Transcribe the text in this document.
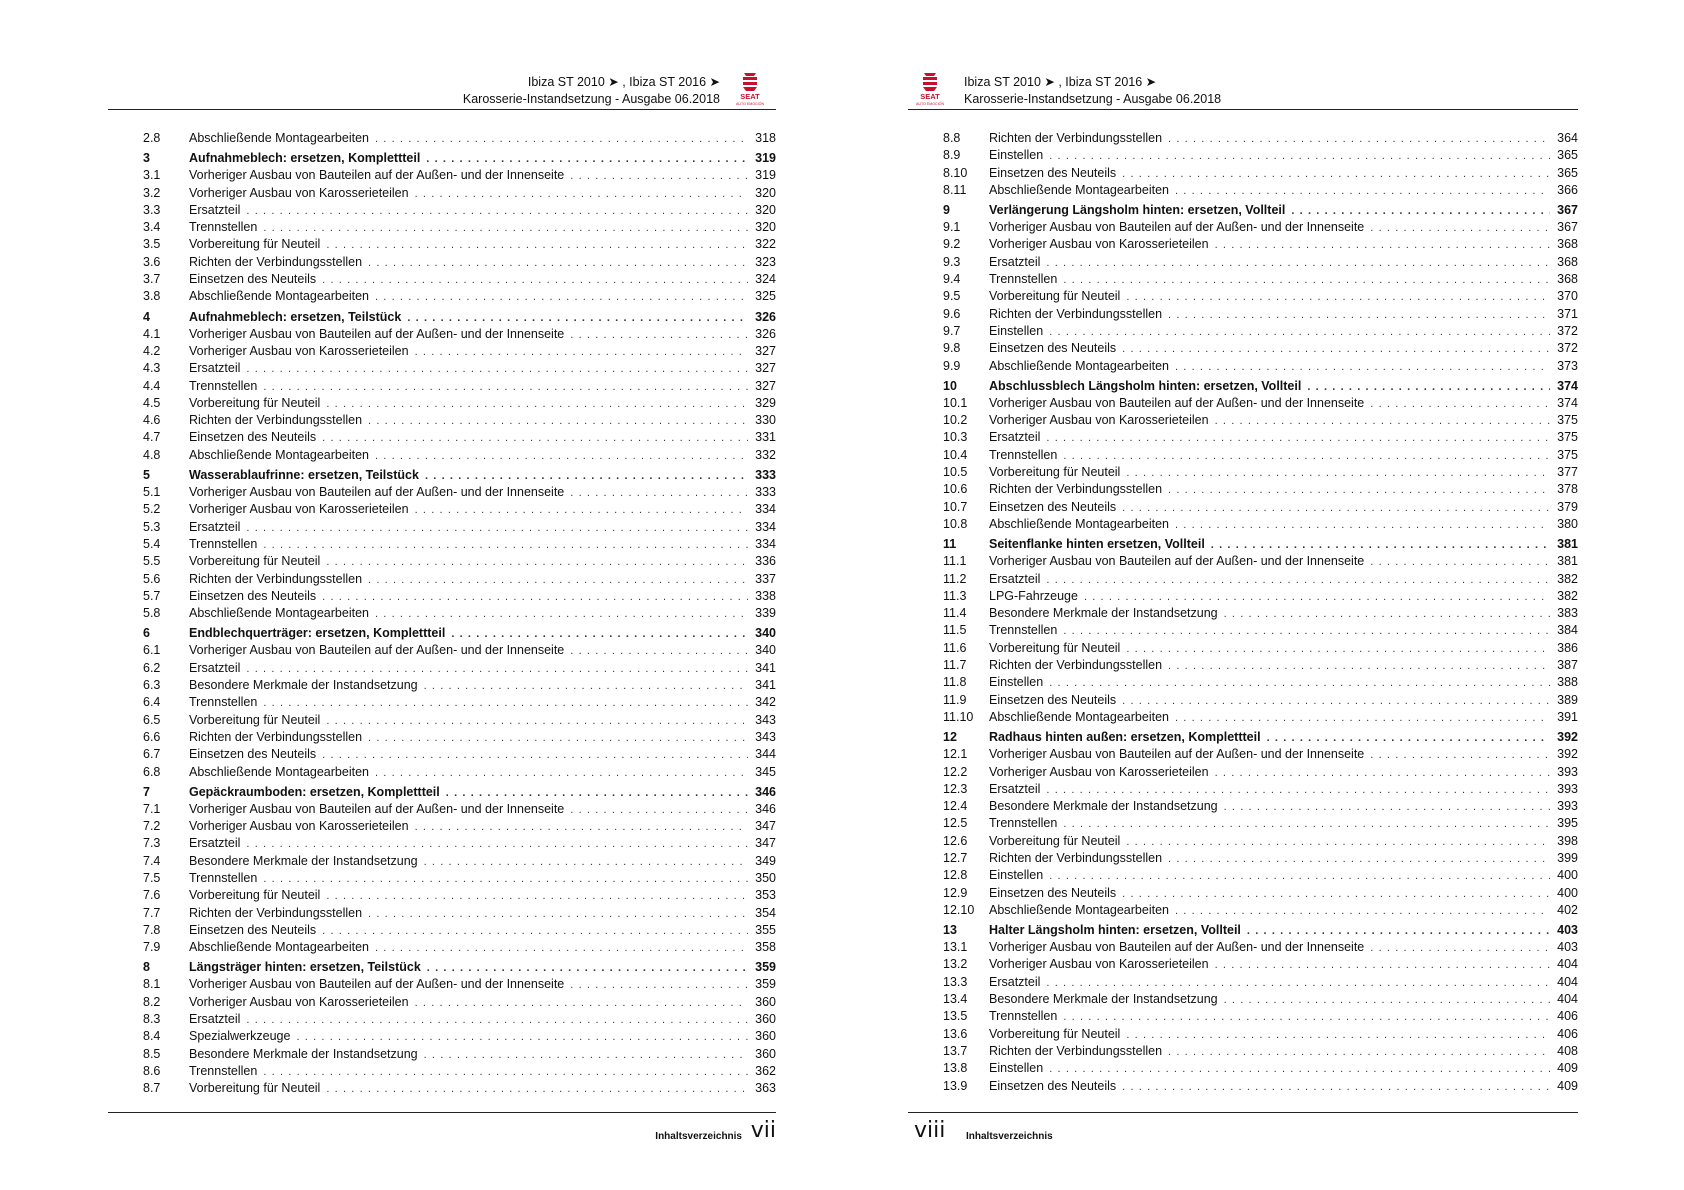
Ibiza ST 2010 ➤ , Ibiza ST 2016 ➤
Karosserie-Instandsetzung - Ausgabe 06.2018	SEAT
AUTO EMOCIÓN
2.8	Abschließende Montagearbeiten . . .	318
3	Aufnahmeblech: ersetzen, Komplettteil . . .	319
3.1	Vorheriger Ausbau von Bauteilen auf der Außen- und der Innenseite . . .	319
3.2	Vorheriger Ausbau von Karosserieteilen . . .	320
3.3	Ersatzteil . . .	320
3.4	Trennstellen . . .	320
3.5	Vorbereitung für Neuteil . . .	322
3.6	Richten der Verbindungsstellen . . .	323
3.7	Einsetzen des Neuteils . . .	324
3.8	Abschließende Montagearbeiten . . .	325
4	Aufnahmeblech: ersetzen, Teilstück . . .	326
4.1	Vorheriger Ausbau von Bauteilen auf der Außen- und der Innenseite . . .	326
4.2	Vorheriger Ausbau von Karosserieteilen . . .	327
4.3	Ersatzteil . . .	327
4.4	Trennstellen . . .	327
4.5	Vorbereitung für Neuteil . . .	329
4.6	Richten der Verbindungsstellen . . .	330
4.7	Einsetzen des Neuteils . . .	331
4.8	Abschließende Montagearbeiten . . .	332
5	Wasserablaufrinne: ersetzen, Teilstück . . .	333
5.1	Vorheriger Ausbau von Bauteilen auf der Außen- und der Innenseite . . .	333
5.2	Vorheriger Ausbau von Karosserieteilen . . .	334
5.3	Ersatzteil . . .	334
5.4	Trennstellen . . .	334
5.5	Vorbereitung für Neuteil . . .	336
5.6	Richten der Verbindungsstellen . . .	337
5.7	Einsetzen des Neuteils . . .	338
5.8	Abschließende Montagearbeiten . . .	339
6	Endblechquerträger: ersetzen, Komplettteil . . .	340
6.1	Vorheriger Ausbau von Bauteilen auf der Außen- und der Innenseite . . .	340
6.2	Ersatzteil . . .	341
6.3	Besondere Merkmale der Instandsetzung . . .	341
6.4	Trennstellen . . .	342
6.5	Vorbereitung für Neuteil . . .	343
6.6	Richten der Verbindungsstellen . . .	343
6.7	Einsetzen des Neuteils . . .	344
6.8	Abschließende Montagearbeiten . . .	345
7	Gepäckraumboden: ersetzen, Komplettteil . . .	346
7.1	Vorheriger Ausbau von Bauteilen auf der Außen- und der Innenseite . . .	346
7.2	Vorheriger Ausbau von Karosserieteilen . . .	347
7.3	Ersatzteil . . .	347
7.4	Besondere Merkmale der Instandsetzung . . .	349
7.5	Trennstellen . . .	350
7.6	Vorbereitung für Neuteil . . .	353
7.7	Richten der Verbindungsstellen . . .	354
7.8	Einsetzen des Neuteils . . .	355
7.9	Abschließende Montagearbeiten . . .	358
8	Längsträger hinten: ersetzen, Teilstück . . .	359
8.1	Vorheriger Ausbau von Bauteilen auf der Außen- und der Innenseite . . .	359
8.2	Vorheriger Ausbau von Karosserieteilen . . .	360
8.3	Ersatzteil . . .	360
8.4	Spezialwerkzeuge . . .	360
8.5	Besondere Merkmale der Instandsetzung . . .	360
8.6	Trennstellen . . .	362
8.7	Vorbereitung für Neuteil . . .	363
Inhaltsverzeichnis vii
SEAT
AUTO EMOCIÓN
Ibiza ST 2010 ➤ , Ibiza ST 2016 ➤
Karosserie-Instandsetzung - Ausgabe 06.2018
8.8	Richten der Verbindungsstellen . . .	364
8.9	Einstellen . . .	365
8.10	Einsetzen des Neuteils . . .	365
8.11	Abschließende Montagearbeiten . . .	366
9	Verlängerung Längsholm hinten: ersetzen, Vollteil . . .	367
9.1	Vorheriger Ausbau von Bauteilen auf der Außen- und der Innenseite . . .	367
9.2	Vorheriger Ausbau von Karosserieteilen . . .	368
9.3	Ersatzteil . . .	368
9.4	Trennstellen . . .	368
9.5	Vorbereitung für Neuteil . . .	370
9.6	Richten der Verbindungsstellen . . .	371
9.7	Einstellen . . .	372
9.8	Einsetzen des Neuteils . . .	372
9.9	Abschließende Montagearbeiten . . .	373
10	Abschlussblech Längsholm hinten: ersetzen, Vollteil . . .	374
10.1	Vorheriger Ausbau von Bauteilen auf der Außen- und der Innenseite . . .	374
10.2	Vorheriger Ausbau von Karosserieteilen . . .	375
10.3	Ersatzteil . . .	375
10.4	Trennstellen . . .	375
10.5	Vorbereitung für Neuteil . . .	377
10.6	Richten der Verbindungsstellen . . .	378
10.7	Einsetzen des Neuteils . . .	379
10.8	Abschließende Montagearbeiten . . .	380
11	Seitenflanke hinten ersetzen, Vollteil . . .	381
11.1	Vorheriger Ausbau von Bauteilen auf der Außen- und der Innenseite . . .	381
11.2	Ersatzteil . . .	382
11.3	LPG-Fahrzeuge . . .	382
11.4	Besondere Merkmale der Instandsetzung . . .	383
11.5	Trennstellen . . .	384
11.6	Vorbereitung für Neuteil . . .	386
11.7	Richten der Verbindungsstellen . . .	387
11.8	Einstellen . . .	388
11.9	Einsetzen des Neuteils . . .	389
11.10	Abschließende Montagearbeiten . . .	391
12	Radhaus hinten außen: ersetzen, Komplettteil . . .	392
12.1	Vorheriger Ausbau von Bauteilen auf der Außen- und der Innenseite . . .	392
12.2	Vorheriger Ausbau von Karosserieteilen . . .	393
12.3	Ersatzteil . . .	393
12.4	Besondere Merkmale der Instandsetzung . . .	393
12.5	Trennstellen . . .	395
12.6	Vorbereitung für Neuteil . . .	398
12.7	Richten der Verbindungsstellen . . .	399
12.8	Einstellen . . .	400
12.9	Einsetzen des Neuteils . . .	400
12.10	Abschließende Montagearbeiten . . .	402
13	Halter Längsholm hinten: ersetzen, Vollteil . . .	403
13.1	Vorheriger Ausbau von Bauteilen auf der Außen- und der Innenseite . . .	403
13.2	Vorheriger Ausbau von Karosserieteilen . . .	404
13.3	Ersatzteil . . .	404
13.4	Besondere Merkmale der Instandsetzung . . .	404
13.5	Trennstellen . . .	406
13.6	Vorbereitung für Neuteil . . .	406
13.7	Richten der Verbindungsstellen . . .	408
13.8	Einstellen . . .	409
13.9	Einsetzen des Neuteils . . .	409
viii Inhaltsverzeichnis
